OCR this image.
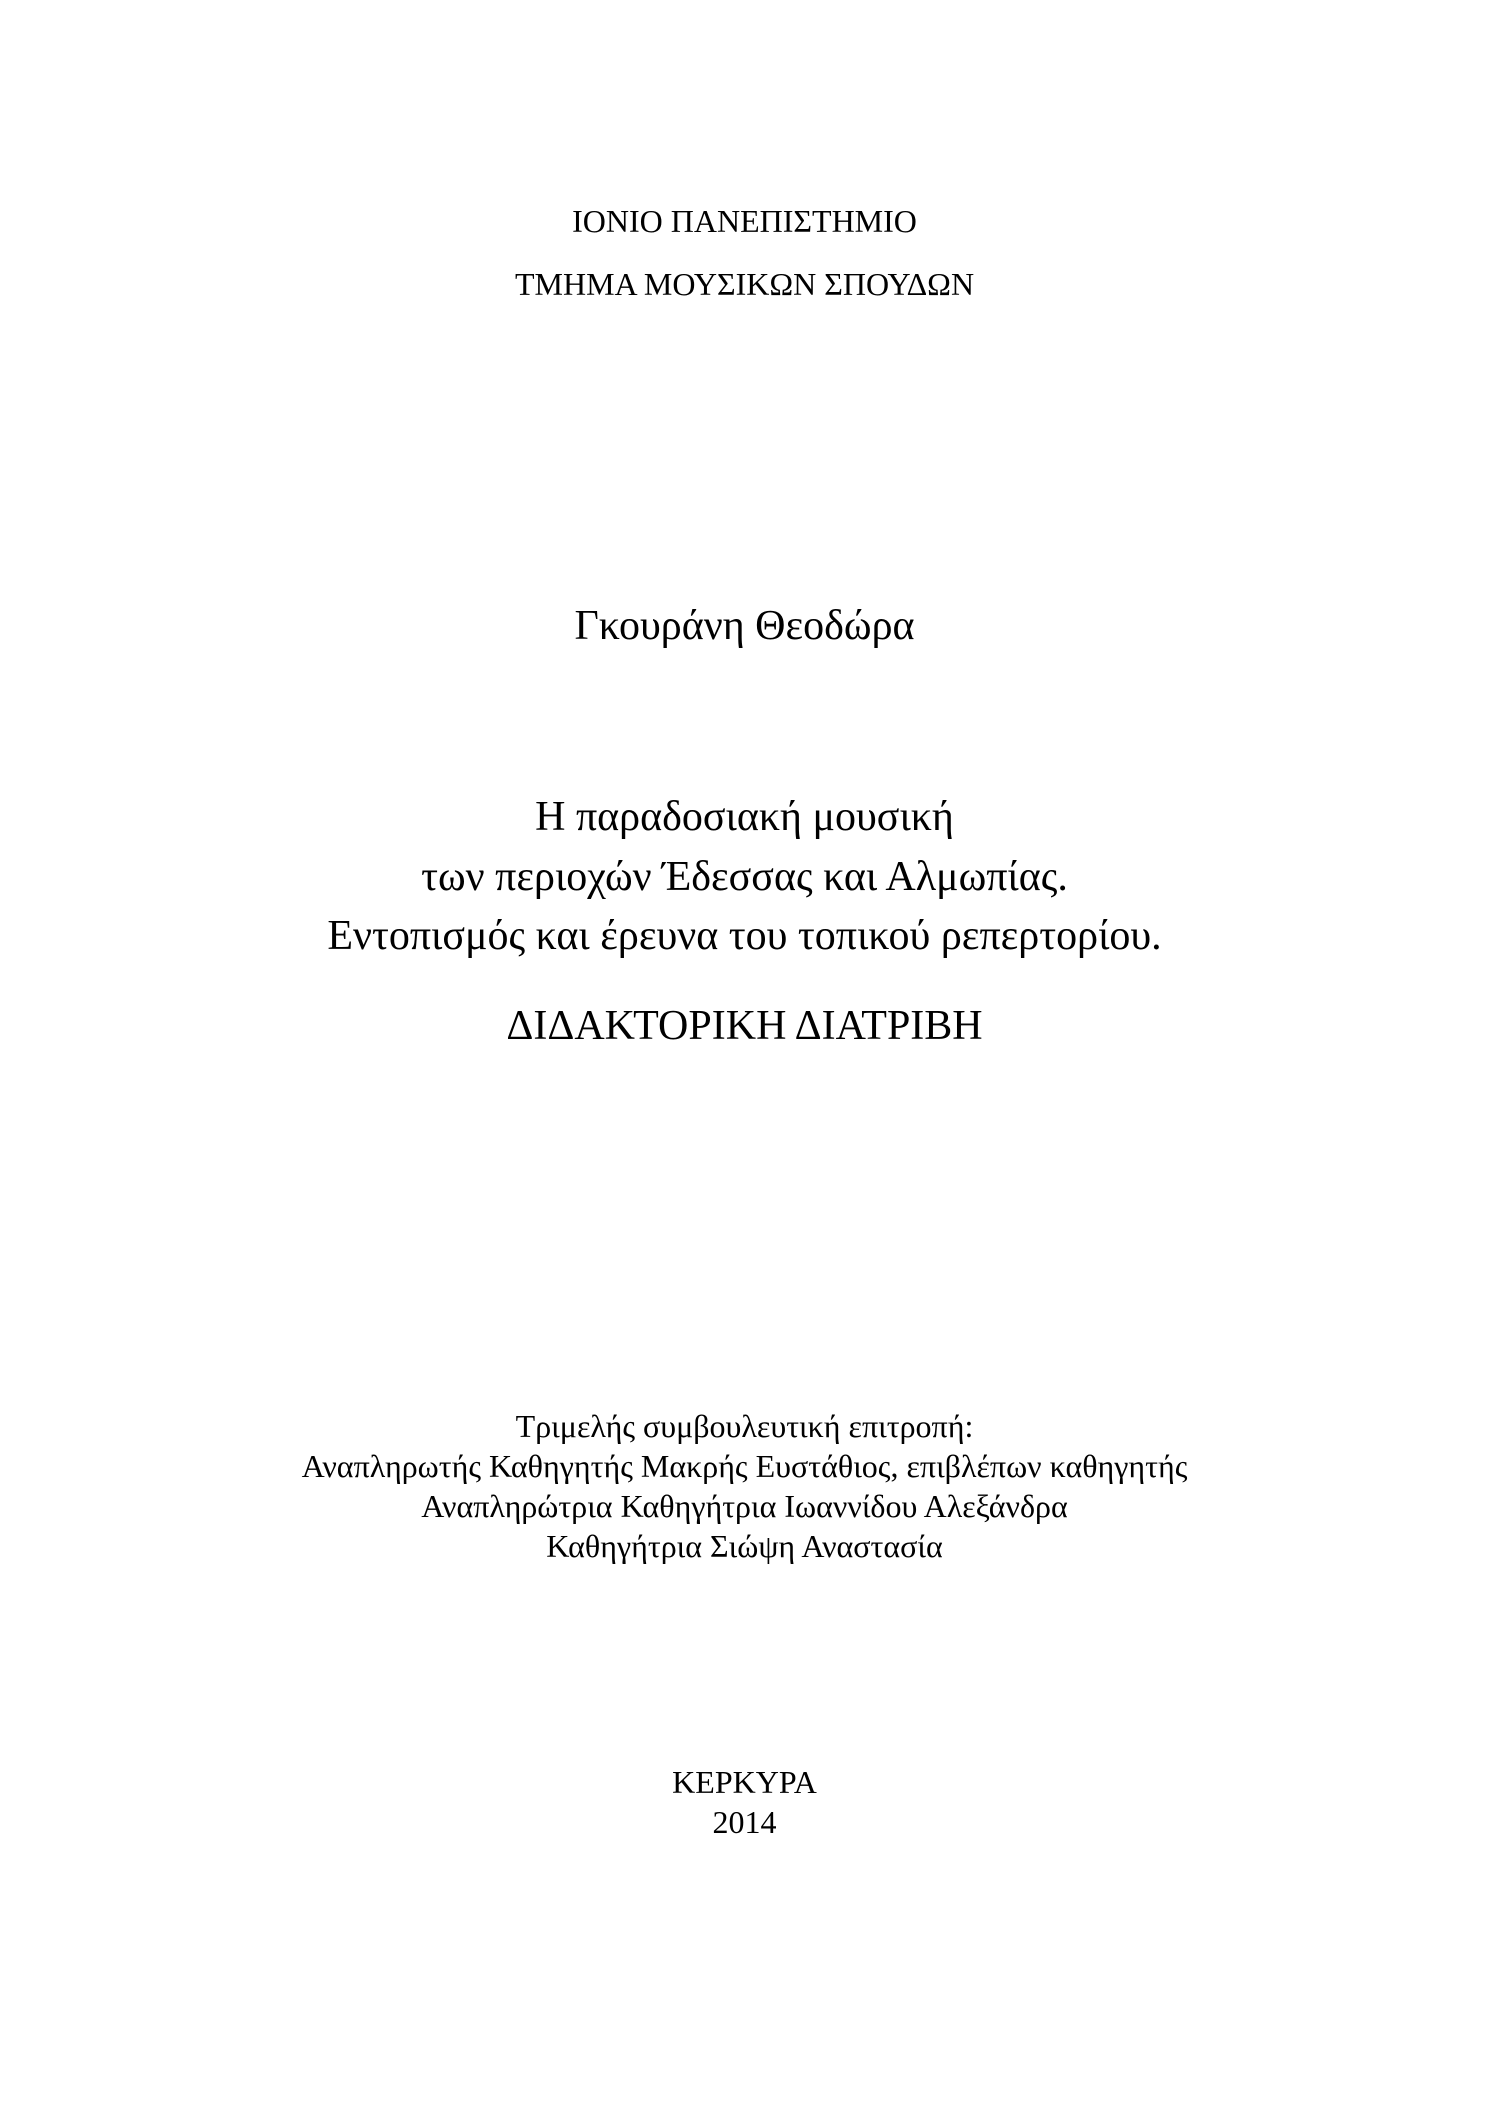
ΙΟΝΙΟ ΠΑΝΕΠΙΣΤΗΜΙΟ
ΤΜΗΜΑ ΜΟΥΣΙΚΩΝ ΣΠΟΥΔΩΝ
Γκουράνη Θεοδώρα
Η παραδοσιακή μουσική
των περιοχών Έδεσσας και Αλμωπίας.
Εντοπισμός και έρευνα του τοπικού ρεπερτορίου.
ΔΙΔΑΚΤΟΡΙΚΗ ΔΙΑΤΡΙΒΗ
Τριμελής συμβουλευτική επιτροπή:
Αναπληρωτής Καθηγητής Μακρής Ευστάθιος, επιβλέπων καθηγητής
Αναπληρώτρια Καθηγήτρια Ιωαννίδου Αλεξάνδρα
Καθηγήτρια Σιώψη Αναστασία
ΚΕΡΚΥΡΑ
2014
